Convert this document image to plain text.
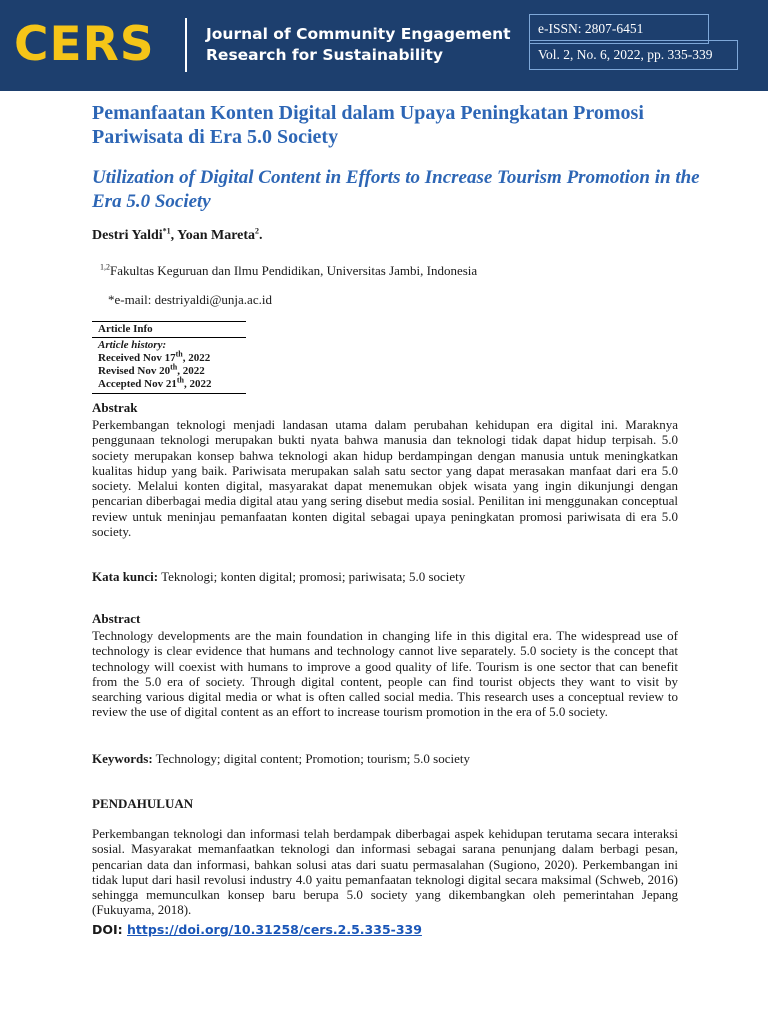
CERS	Journal of Community Engagement
Research for Sustainability
e-ISSN: 2807-6451
Vol. 2, No. 6, 2022, pp. 335-339
Pemanfaatan Konten Digital dalam Upaya Peningkatan Promosi Pariwisata di Era 5.0 Society
Utilization of Digital Content in Efforts to Increase Tourism Promotion in the Era 5.0 Society
Destri Yaldi$^{*1}$, Yoan Mareta$^2$.
$^{1,2}$Fakultas Keguruan dan Ilmu Pendidikan, Universitas Jambi, Indonesia
*e-mail: destriyaldi@unja.ac.id
Article Info
Article history:
Received Nov 17th, 2022
Revised Nov 20th, 2022
Accepted Nov 21th, 2022
Abstrak
Perkembangan teknologi menjadi landasan utama dalam perubahan kehidupan era digital ini. Maraknya penggunaan teknologi merupakan bukti nyata bahwa manusia dan teknologi tidak dapat hidup terpisah. 5.0 society merupakan konsep bahwa teknologi akan hidup berdampingan dengan manusia untuk meningkatkan kualitas hidup yang baik. Pariwisata merupakan salah satu sector yang dapat merasakan manfaat dari era 5.0 society. Melalui konten digital, masyarakat dapat menemukan objek wisata yang ingin dikunjungi dengan pencarian diberbagai media digital atau yang sering disebut media sosial. Penilitan ini menggunakan conceptual review untuk meninjau pemanfaatan konten digital sebagai upaya peningkatan promosi pariwisata di era 5.0 society.
Kata kunci: Teknologi; konten digital; promosi; pariwisata; 5.0 society
Abstract
Technology developments are the main foundation in changing life in this digital era. The widespread use of technology is clear evidence that humans and technology cannot live separately. 5.0 society is the concept that technology will coexist with humans to improve a good quality of life. Tourism is one sector that can benefit from the 5.0 era of society. Through digital content, people can find tourist objects they want to visit by searching various digital media or what is often called social media. This research uses a conceptual review to review the use of digital content as an effort to increase tourism promotion in the era of 5.0 society.
Keywords: Technology; digital content; Promotion; tourism; 5.0 society
PENDAHULUAN
Perkembangan teknologi dan informasi telah berdampak diberbagai aspek kehidupan terutama secara interaksi sosial. Masyarakat memanfaatkan teknologi dan informasi sebagai sarana penunjang dalam berbagi pesan, pencarian data dan informasi, bahkan solusi atas dari suatu permasalahan (Sugiono, 2020). Perkembangan ini tidak luput dari hasil revolusi industry 4.0 yaitu pemanfaatan teknologi digital secara maksimal (Schweb, 2016) sehingga memunculkan konsep baru berupa 5.0 society yang dikembangkan oleh pemerintahan Jepang (Fukuyama, 2018).
DOI: https://doi.org/10.31258/cers.2.5.335-339
